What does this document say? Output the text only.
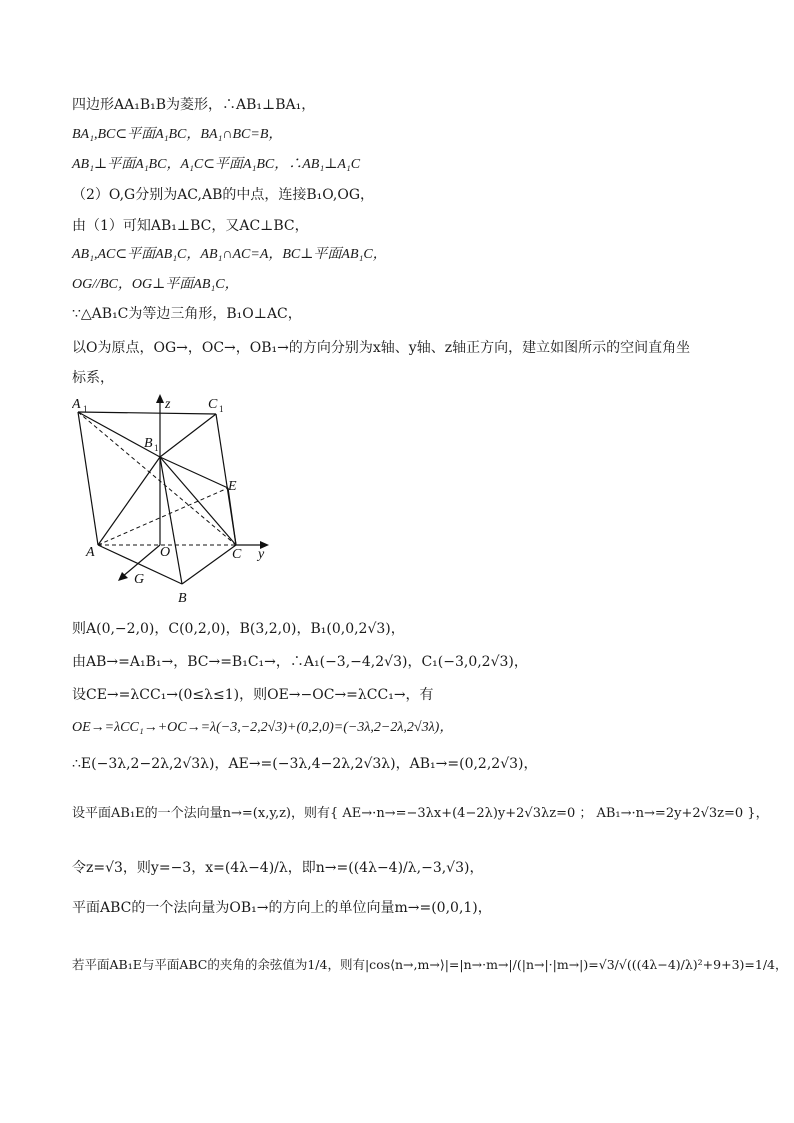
四边形AA₁B₁B为菱形，∴AB₁⊥BA₁，
BA₁,BC⊂平面A₁BC，BA₁∩BC=B，
AB₁⊥平面A₁BC，A₁C⊂平面A₁BC，∴AB₁⊥A₁C
（2）O,G分别为AC,AB的中点，连接B₁O,OG，
由（1）可知AB₁⊥BC，又AC⊥BC，
AB₁,AC⊂平面AB₁C，AB₁∩AC=A，BC⊥平面AB₁C，
OG//BC，OG⊥平面AB₁C，
∵△AB₁C为等边三角形，B₁O⊥AC，
以O为原点，OG→，OC→，OB₁→的方向分别为x轴、y轴、z轴正方向，建立如图所示的空间直角坐
标系，
A 1	z	C 1
B 1
E
A	O	C y
G
B
则A(0,−2,0)，C(0,2,0)，B(3,2,0)，B₁(0,0,2√3)，
由AB→=A₁B₁→，BC→=B₁C₁→，∴A₁(−3,−4,2√3)，C₁(−3,0,2√3)，
设CE→=λCC₁→(0≤λ≤1)，则OE→−OC→=λCC₁→，有
OE→=λCC₁→+OC→=λ(−3,−2,2√3)+(0,2,0)=(−3λ,2−2λ,2√3λ)，
∴E(−3λ,2−2λ,2√3λ)，AE→=(−3λ,4−2λ,2√3λ)，AB₁→=(0,2,2√3)，
设平面AB₁E的一个法向量n→=(x,y,z)，则有{ AE→·n→=−3λx+(4−2λ)y+2√3λz=0 ； AB₁→·n→=2y+2√3z=0 }，
令z=√3，则y=−3，x=(4λ−4)/λ，即n→=((4λ−4)/λ,−3,√3)，
平面ABC的一个法向量为OB₁→的方向上的单位向量m→=(0,0,1)，
若平面AB₁E与平面ABC的夹角的余弦值为1/4，则有|cos⟨n→,m→⟩|=|n→·m→|/(|n→|·|m→|)=√3/√(((4λ−4)/λ)²+9+3)=1/4，
